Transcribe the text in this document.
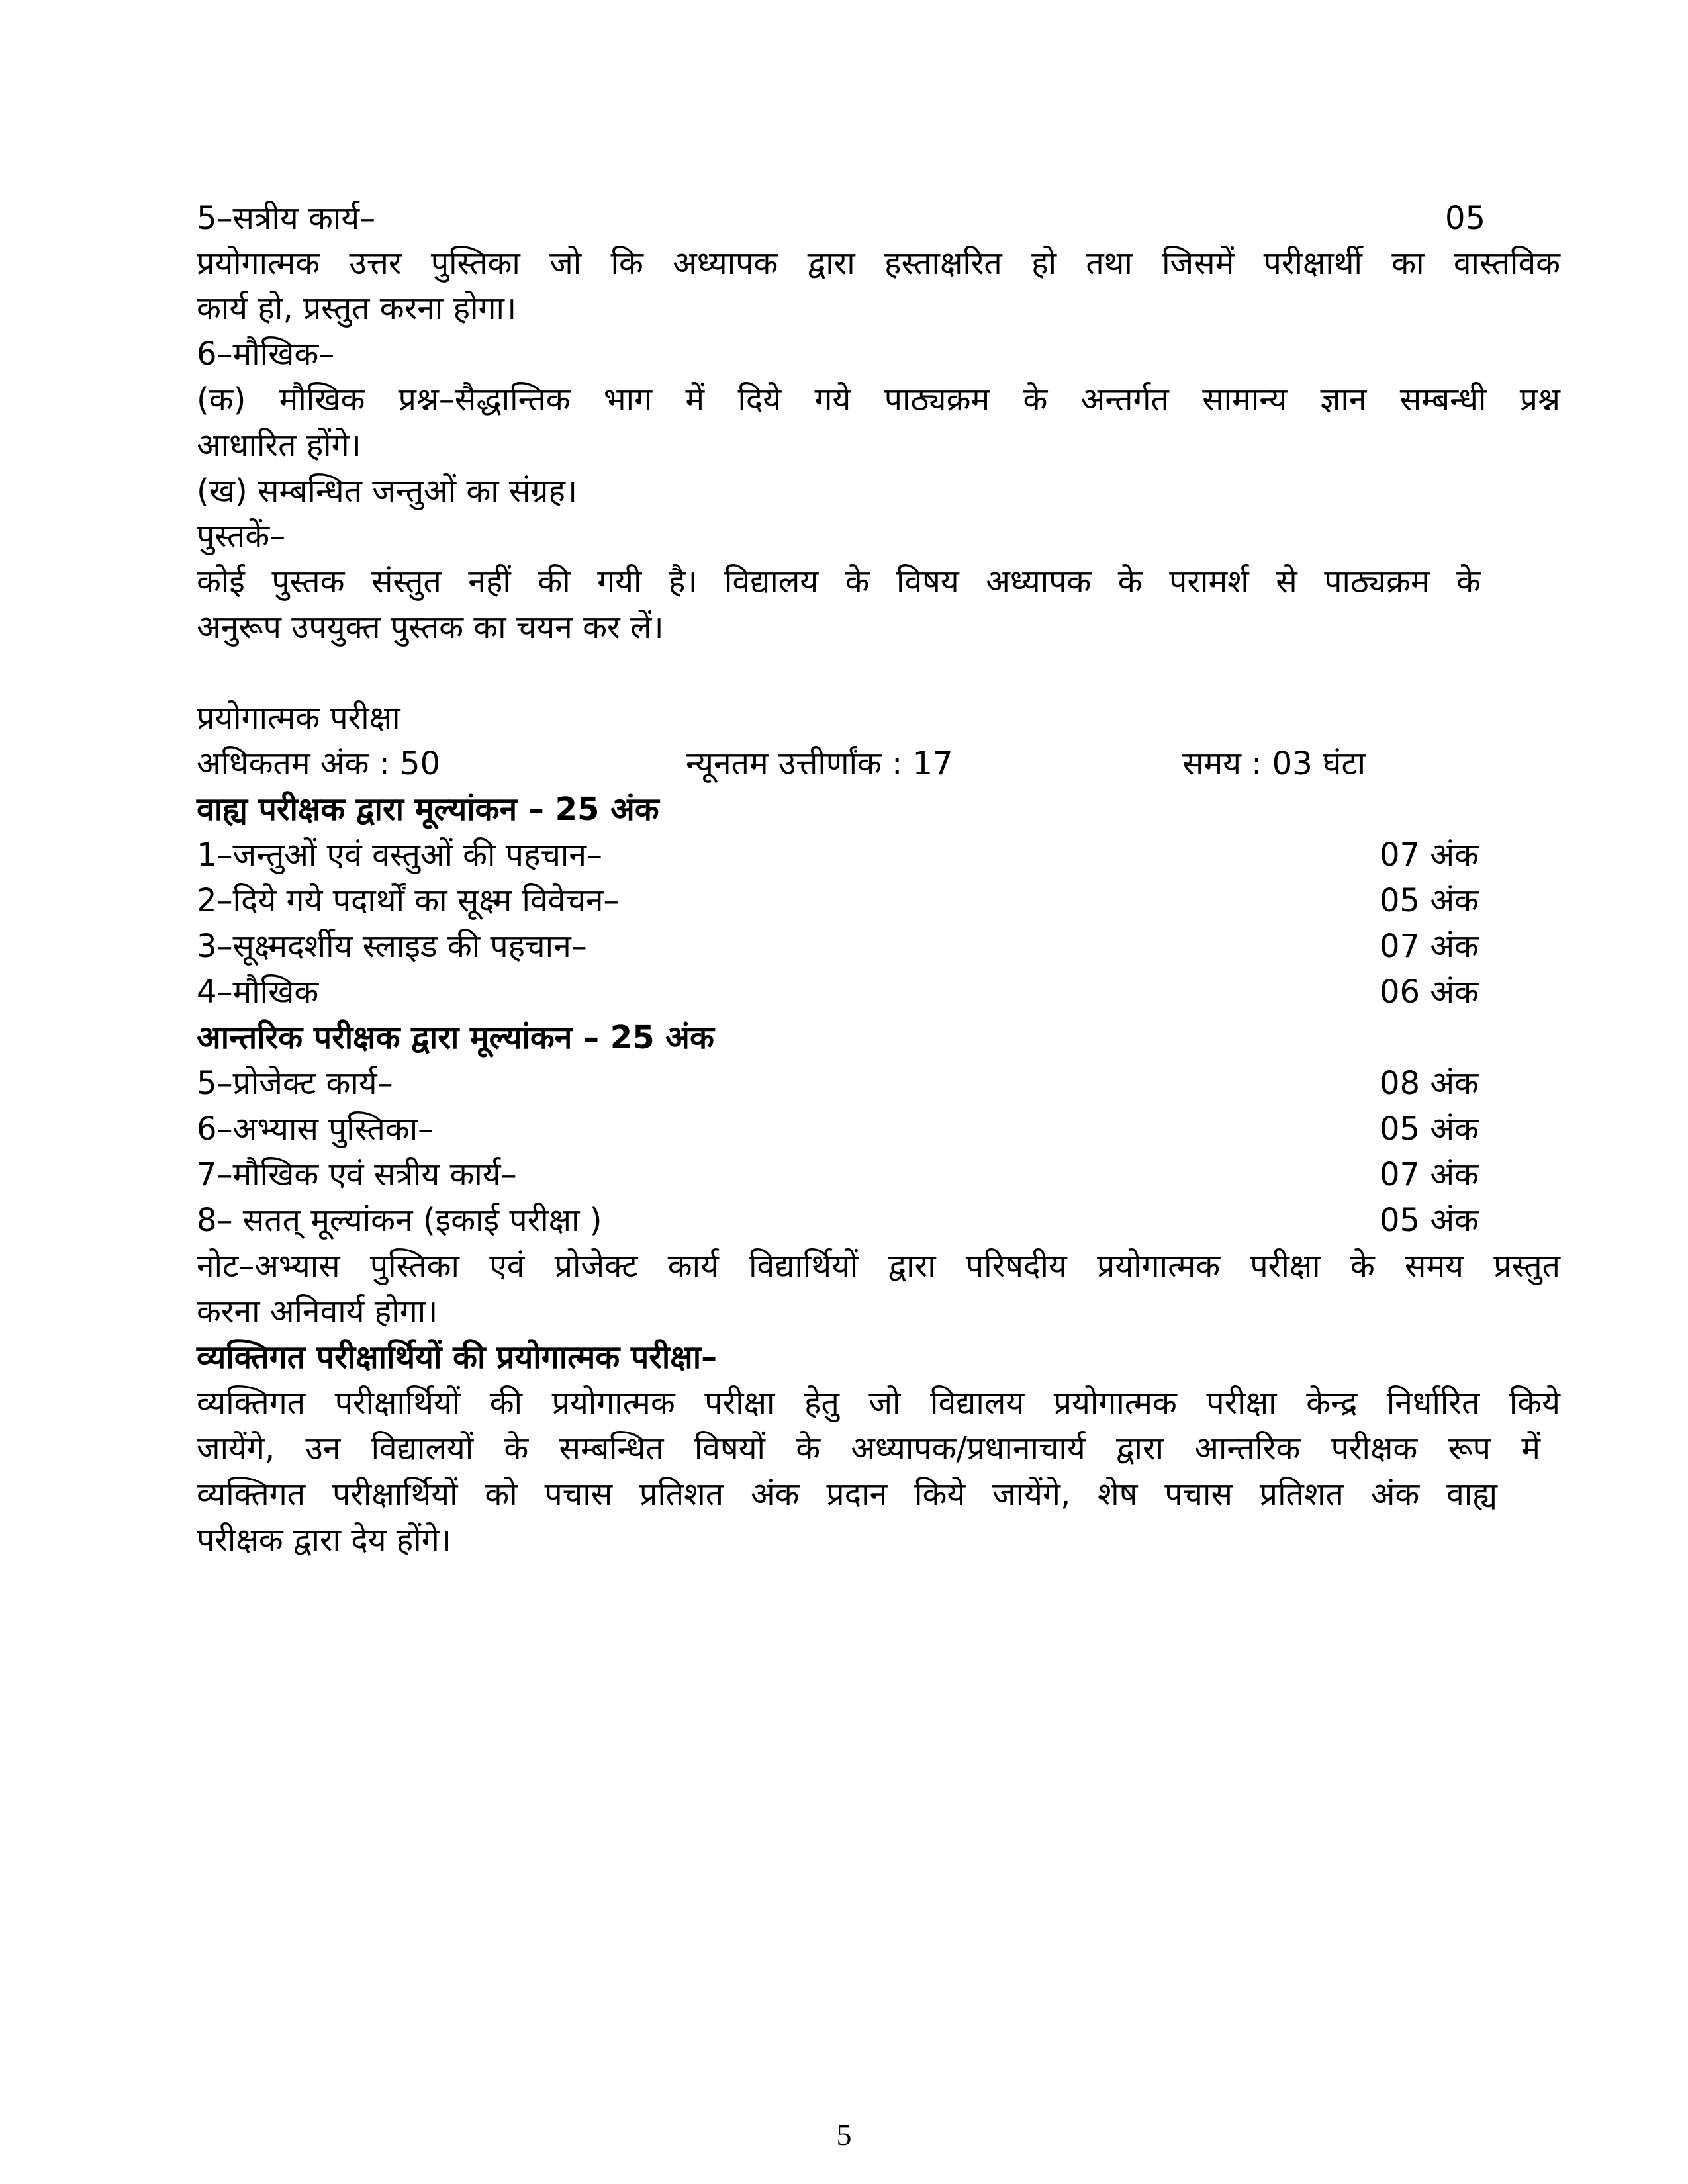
5–सत्रीय कार्य–	05
प्रयोगात्मक उत्तर पुस्तिका जो कि अध्यापक द्वारा हस्ताक्षरित हो तथा जिसमें परीक्षार्थी का वास्तविक
कार्य हो, प्रस्तुत करना होगा।
6–मौखिक–
(क) मौखिक प्रश्न–सैद्धान्तिक भाग में दिये गये पाठ्यक्रम के अन्तर्गत सामान्य ज्ञान सम्बन्धी प्रश्न
आधारित होंगे।
(ख) सम्बन्धित जन्तुओं का संग्रह।
पुस्तकें–
कोई पुस्तक संस्तुत नहीं की गयी है। विद्यालय के विषय अध्यापक के परामर्श से पाठ्यक्रम के
अनुरूप उपयुक्त पुस्तक का चयन कर लें।
प्रयोगात्मक परीक्षा
अधिकतम अंक : 50	न्यूनतम उत्तीर्णांक : 17	समय : 03 घंटा
वाह्य परीक्षक द्वारा मूल्यांकन – 25 अंक
1–जन्तुओं एवं वस्तुओं की पहचान–	07 अंक
2–दिये गये पदार्थों का सूक्ष्म विवेचन–	05 अंक
3–सूक्ष्मदर्शीय स्लाइड की पहचान–	07 अंक
4–मौखिक	06 अंक
आन्तरिक परीक्षक द्वारा मूल्यांकन – 25 अंक
5–प्रोजेक्ट कार्य–	08 अंक
6–अभ्यास पुस्तिका–	05 अंक
7–मौखिक एवं सत्रीय कार्य–	07 अंक
8– सतत् मूल्यांकन (इकाई परीक्षा )	05 अंक
नोट–अभ्यास पुस्तिका एवं प्रोजेक्ट कार्य विद्यार्थियों द्वारा परिषदीय प्रयोगात्मक परीक्षा के समय प्रस्तुत
करना अनिवार्य होगा।
व्यक्तिगत परीक्षार्थियों की प्रयोगात्मक परीक्षा–
व्यक्तिगत परीक्षार्थियों की प्रयोगात्मक परीक्षा हेतु जो विद्यालय प्रयोगात्मक परीक्षा केन्द्र निर्धारित किये
जायेंगे, उन विद्यालयों के सम्बन्धित विषयों के अध्यापक/प्रधानाचार्य द्वारा आन्तरिक परीक्षक रूप में
व्यक्तिगत परीक्षार्थियों को पचास प्रतिशत अंक प्रदान किये जायेंगे, शेष पचास प्रतिशत अंक वाह्य
परीक्षक द्वारा देय होंगे।
5
